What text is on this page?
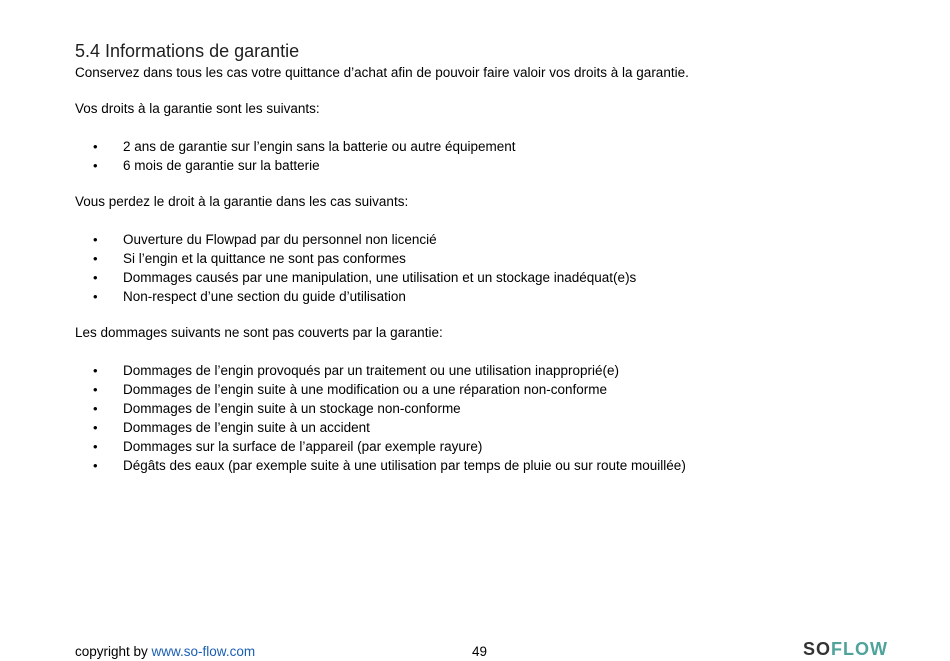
5.4 Informations de garantie
Conservez dans tous les cas votre quittance d’achat afin de pouvoir faire valoir vos droits à la garantie.
Vos droits à la garantie sont les suivants:
• 2 ans de garantie sur l’engin sans la batterie ou autre équipement
• 6 mois de garantie sur la batterie
Vous perdez le droit à la garantie dans les cas suivants:
• Ouverture du Flowpad par du personnel non licencié
• Si l’engin et la quittance ne sont pas conformes
• Dommages causés par une manipulation, une utilisation et un stockage inadéquat(e)s
• Non-respect d’une section du guide d’utilisation
Les dommages suivants ne sont pas couverts par la garantie:
• Dommages de l’engin provoqués par un traitement ou une utilisation inapproprié(e)
• Dommages de l’engin suite à une modification ou a une réparation non-conforme
• Dommages de l’engin suite à un stockage non-conforme
• Dommages de l’engin suite à un accident
• Dommages sur la surface de l’appareil (par exemple rayure)
• Dégâts des eaux (par exemple suite à une utilisation par temps de pluie ou sur route mouillée)
copyright by www.so-flow.com	49	SOFLOW
